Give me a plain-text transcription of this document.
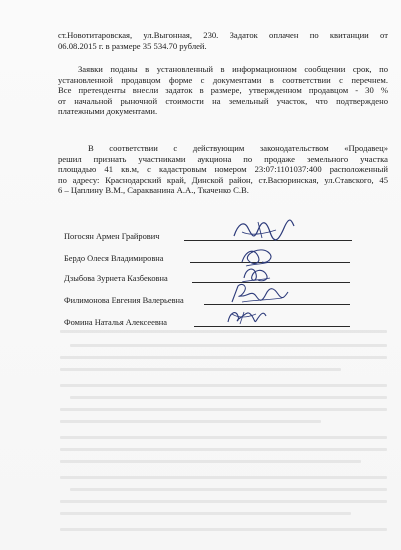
ст.Новотитаровская, ул.Выгонная, 230. Задаток оплачен по квитанции от
06.08.2015 г. в размере 35 534.70 рублей.
Заявки поданы в установленный в информационном сообщении срок, по
установленной продавцом форме с документами в соответствии с перечнем.
Все претенденты внесли задаток в размере, утвержденном продавцом - 30 %
от начальной рыночной стоимости на земельный участок, что подтверждено
платежными документами.
В соответствии с действующим законодательством «Продавец»
решил признать участниками аукциона по продаже земельного участка
площадью 41 кв.м, с кадастровым номером 23:07:1101037:400 расположенный
по адресу: Краснодарский край, Динской район, ст.Васюринская, ул.Ставского, 45
6 – Цаплину В.М., Саракванина А.А., Ткаченко С.В.
Погосян Армен Грайрович
Бердо Олеся Владимировна
Дзыбова Зурнета Казбековна
Филимонова Евгения Валерьевна
Фомина Наталья Алексеевна
